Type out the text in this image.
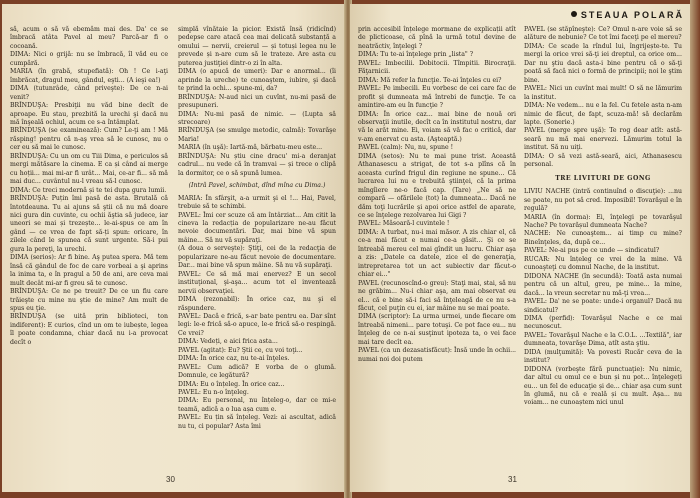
să, acum o să vă ebemăm mai des. Da' ce se îmbracă atâta Pavel al meu? Parcă-ar fi o cocoană.

DIMA: Nici o grijă: nu se îmbracă, îl văd eu ce cumpără.

MARIA (în grabă, stupefiată): Oh ! Ce i-aţi îmbrăcat, dragul meu, gândul, eşti... (A ieşi ea!)

DIMA (tutunrâde, când priveşte): De ce n-ai venit?

BRÎNDUŞA: Presbiţii nu văd bine decît de aproape. Eu stau, prezbită la urechi şi dacă nu mă înşeală ochiul, acum ce s-a întâmplat.

BRÎNDUŞA (se examinează): Cum? Le-ţi am ! Mă răsping! pentru că n-aş vrea să le cunosc, nu o cer eu să mai le cunosc.

BRÎNDUŞA: Cu un om cu Tiii Dima, e periculos să mergi mătăsare la cinema. E ca și când ai merge cu hoții... mai mi-ar fi urât... Mai, ce-ar fi... să mă mai duc... cuvântul nu-l vreau să-l cunosc.

DIMA: Ce treci modernă și te tei dupa gura lumii.

BRÎNDUŞA: Puțin îmi pasă de asta. Brutală că întotdeauna. Tu ai ajuns să ştii că nu mă doare nici gura din cuvinte, cu ochii ăştia să judece, iar uneori se mai și trezește... le-ai-spus ce am în gând — ce vrea de fapt să-ți spun: oricare, în zilele când le spunea că sunt urgente. Să-i pui gura la pereţi, la urechi.

DIMA (serios): Ar fi bine. Aş putea spera. Mă tem însă că gândul de foc de care vorbeai a şi aprins la inima ta, e în pragul a 50 de ani, are ceva mai mult decât mi-ar fi greu să te cunosc.

BRÎNDUŞA: Ce ne pe treuit? De ce un fiu care trăieşte cu mine nu ştie de mine? Am mult de spus eu ţie.

BRÎNDUŞA (se uită prin biblioteci, ton indiferent): E curios, cînd un om te iubește, legea îl poate condamna, chiar dacă nu i-a provocat decît o

simplă vînătaie la picior. Există însă (ridicînd) pedepse care atacă cea mai delicată substanță a omului — nervii, creierul — și totuși legea nu le prevede și n-are cum să le trateze. Are asta cu puterea justiţiei dintr-o zi în alta.

DIMA (o apucă de umeri): Dar e anormal... (îi aprinde la ureche) te cunoaştem, iubire, şi dacă te prind la ochi... spune-mi, da?

BRÎNDUŞA: N-aud nici un cuvînt, nu-mi pasă de presupuneri.

DIMA: Nu-mi pasă de nimic. — (Lupta să strecoare)

BRÎNDUŞA (se smulge metodic, calmă): Tovarăşe Maria!

MARIA (în uşă): Iartă-mă, bărbatu-meu este...

BRÎNDUŞA: Nu știu cine dracu' mi-a deranjat cadrul... nu vede că în tramvai — și trece o clipă la dormitor, ce o să spună lumea.

(Intră Pavel, schimbat, dînd mîna cu Dima.)

MARIA: În sfârşit, a-a urmit şi el !... Hai, Pavel, trebuie să te schimbi.

PAVEL: Îmi cer scuze că am întârziat... Am citit la cineva la redacția de popularizare ne-au făcut nevoie documentări. Dar, mai bine vă spun mâine... Să nu vă supăraţi.

(A doua o serveşte): Ştiţi, cei de la redacţia de popularizare ne-au făcut nevoie de documentare. Dar... mai bine vă spun mâine. Să nu vă supăraţi.

PAVEL: Ce să mă mai enervez? E un secol instituţional, şi-aşa... acum tot el inventează nervii observaţiei.

DIMA (rezonabil): În orice caz, nu şi el răspundere.

PAVEL: Dacă e frică, s-ar bate pentru ea. Dar sînt legi: le-e frică să-o apuce, le-e frică să-o respingă. Ce vrei?

DIMA: Vedeți, e aici frica asta...

PAVEL (agitat): Eu? Ştii ce, cu voi toţi...

DIMA: În orice caz, nu te-ai înţeles.

PAVEL: Cum adică? E vorba de o glumă. Domnule, ce legătură?

DIMA: Eu o înțeleg. În orice caz...

PAVEL: Eu n-o înţeleg.

DIMA: Eu personal, nu înțeleg-o, dar ce mi-e teamă, adică a o lua așa cum e.

PAVEL: Eu țin să înțeleg. Vezi: ai ascultat, adică nu tu, ci popular? Asta îmi

30
STEAUA POLARĂ

prin accesibil înțelege mormane de explicații atît de plicticoase, că pînă la urmă totul devine de neatrăctiv, înţelegi ?

DIMA: Tu te-ai înţelege prin „lista" ?

PAVEL: Imbecilii. Dobitocii. Tîmpitii. Birocraţii. Făţarnicii.

DIMA: Mă refer la funcţie. Te-ai înţeles cu ei?

PAVEL: Pe imbecili. Eu vorbesc de cei care fac de profit și dumneata mă întrebi de funcţie. Te ca amintire-am eu în funcţie ?

DIMA: În orice caz... mai bine de nouă ori observaţii inutile, decît ca în institutul nostru, dar vă le arăt mine. Ei, voiam să vă fac o critică, dar v-am enervat cu asta. (Aşteaptă.)

PAVEL (calm): Nu, nu, spune !

DIMA (setos): Nu te mai pune trist. Această Athanasescu a strigat, de tot s-a plîns că în aceasta curînd frigul din regiune ne spune... Că lucrarea lui nu e trebuită ştiinţei, că la prima mîngîiere ne-o facă cap. (Tare) „Ne să ne compară — ofărilele (tot) la dumneata... Dacă ne dăm toţi lucrările şi apoi orice astfel de aparate, ce se înţelege rezolvarea lui Gigi ?

PAVEL: Măsoară-l cuvintele !

DIMA: A turbat, nu-i mai măsor. A zis chiar el, că ce-a mai făcut e numai ce-a găsit... Şi ce se întreabă mereu cel mai gîndit un lucru. Chiar aşa a zis: „Datele ca datele, zice el de generaţia, intrepretarea tot un act subiectiv dar făcut-o chiar ei..."

PAVEL (recunoscînd-o greu): Staţi mai, stai, să nu ne grăbim... Nu-i chiar aşa, am mai observat eu el... că e bine să-i faci să înţeleagă de ce nu s-a făcut, cel puţin cu ei, iar mâine nu se mai poate.

DIMA (scriptor): La urma urmei, unde fiecare om întreabă nimeni... pare totuşi. Ce pot face eu... nu înţeleg de ce n-ai susţinut ipoteza ta, o vei face mai tare decît ea.

PAVEL (ca un dezasatisfăcut): Însă unde în ochii... numai noi doi putem

PAVEL (se stăpîneşte): Ce? Omul n-are voie să se alăture de nebunie? Ce tot îmi faceţi pe el mereu?

DIMA: Ce scade la rîndul lui, îngrijește-te. Tu mergi la orice vrei să-ţi iei dreptul, ca orice om... Dar nu ştiu dacă asta-i bine pentru că o să-ţi poată să facă nici o formă de principii; noi le ştim bine.

PAVEL: Nici un cuvînt mai mult! O să ne lămurim la institut.

DIMA: Ne vedem... nu e la fel. Cu fetele asta n-am nimic de făcut, de fapt, scuza-mă! să declarăm lapte. (Sonerie.)

PAVEL (merge spre uşă): Te rog dear atît: astă-seară nu mă mai enervezi. Lămurim totul la institut. Să nu uiţi.

DIMA: O să vezi astă-seară, aici, Athanasescu personal.

TRE LIVITURI DE GONG

LIVIU NACHE (intră continuînd o discuţie): ...nu se poate, nu pot să cred. Imposibil! Tovarăşul e în regulă?

MARIA (în dorma): Ei, înţelegi pe tovarăşul Nache? Pe tovarășul dumneata Nache?

NACHE: Ne cunoaştem... ai timp cu mine? Bineînţeles, da, după ce...

PAVEL: Ne-ai pus pe ce unde — sindicatul?

RUCAR: Nu înțeleg ce vrei de la mine. Vă cunoaşteţi cu domnul Nache, de la institut.

DIDONA NACHE (în secundă): Toată asta numai pentru că un altul, greu, pe mine... la mine, dacă... la vreun secretar nu mă-ţi vrea...

PAVEL: Da' ne se poate: unde-i organul? Dacă nu sindicatul?

DIMA (perfid): Tovarăşul Nache e ce mai necunoscut.

PAVEL: Tovarăşul Nache e la C.O.L. ...Textilă", iar dumneata, tovarăşe Dima, atît asta ştiu.

DIDA (mulţumită): Va povesti Rucăr ceva de la institut?

DIDONA (vorbeşte fără punctuaţie): Nu nimic, dar altul cu omul ce e bun și nu pot... înţelegeți eu... un fel de educaţie și de... chiar așa cum sunt în glumă, nu că e reală și cu mult. Așa... nu voiam... ne cunoaștem nici unul

31
